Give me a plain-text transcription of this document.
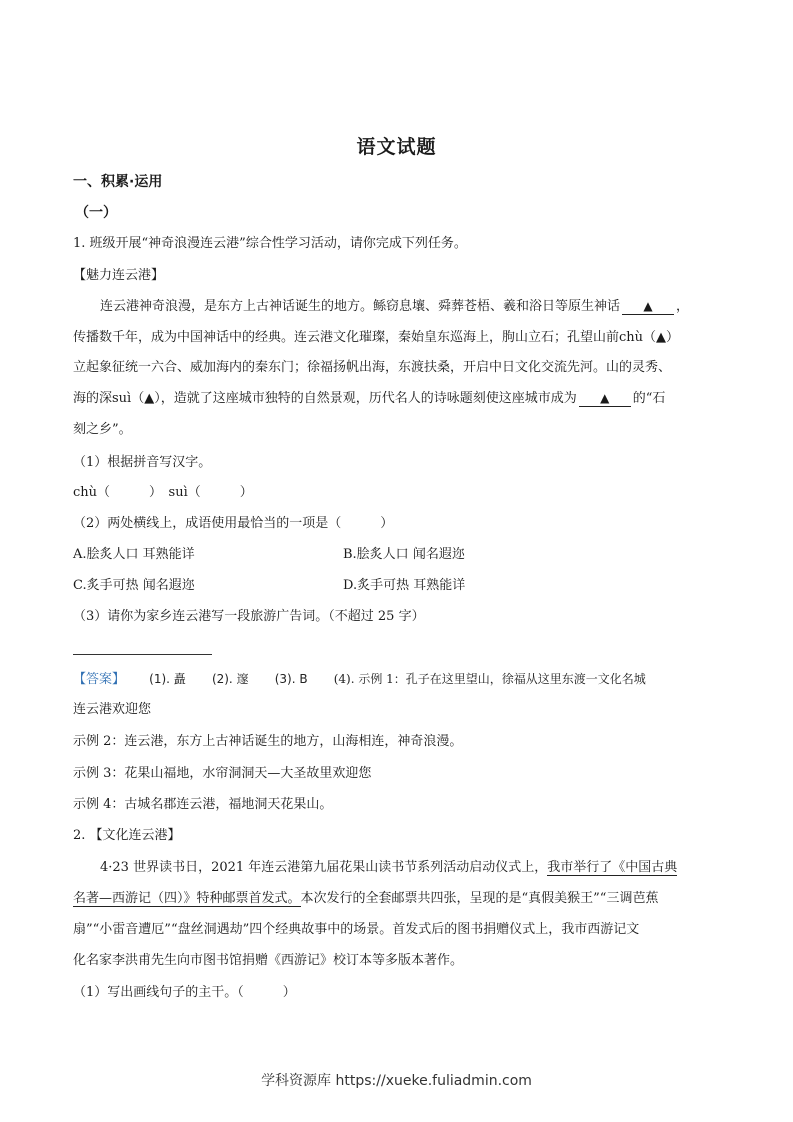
语文试题
一、积累·运用
（一）
1. 班级开展“神奇浪漫连云港”综合性学习活动，请你完成下列任务。
【魅力连云港】
连云港神奇浪漫，是东方上古神话诞生的地方。鲧窃息壤、舜葬苍梧、羲和浴日等原生神话 ▲ ，
传播数千年，成为中国神话中的经典。连云港文化璀璨，秦始皇东巡海上，朐山立石；孔望山前chù（▲）
立起象征统一六合、威加海内的秦东门；徐福扬帆出海，东渡扶桑，开启中日文化交流先河。山的灵秀、
海的深suì（▲），造就了这座城市独特的自然景观，历代名人的诗咏题刻使这座城市成为 ▲ 的“石
刻之乡”。
（1）根据拼音写汉字。
chù（　　　）　suì（　　　）
（2）两处横线上，成语使用最恰当的一项是（　　　）
A.脍炙人口 耳熟能详	B.脍炙人口 闻名遐迩
C.炙手可热 闻名遐迩	D.炙手可热 耳熟能详
（3）请你为家乡连云港写一段旅游广告词。（不超过 25 字）
【答案】 (1). 矗 (2). 邃 (3). B (4). 示例 1：孔子在这里望山，徐福从这里东渡一文化名城
连云港欢迎您
示例 2：连云港，东方上古神话诞生的地方，山海相连，神奇浪漫。
示例 3：花果山福地，水帘洞洞天—大圣故里欢迎您
示例 4：古城名郡连云港，福地洞天花果山。
2. 【文化连云港】
4·23 世界读书日，2021 年连云港第九届花果山读书节系列活动启动仪式上，我市举行了《中国古典
名著—西游记（四）》特种邮票首发式。本次发行的全套邮票共四张，呈现的是“真假美猴王”“三调芭蕉
扇”“小雷音遭厄”“盘丝洞遇劫”四个经典故事中的场景。首发式后的图书捐赠仪式上，我市西游记文
化名家李洪甫先生向市图书馆捐赠《西游记》校订本等多版本著作。
（1）写出画线句子的主干。（　　　）
学科资源库 https://xueke.fuliadmin.com
